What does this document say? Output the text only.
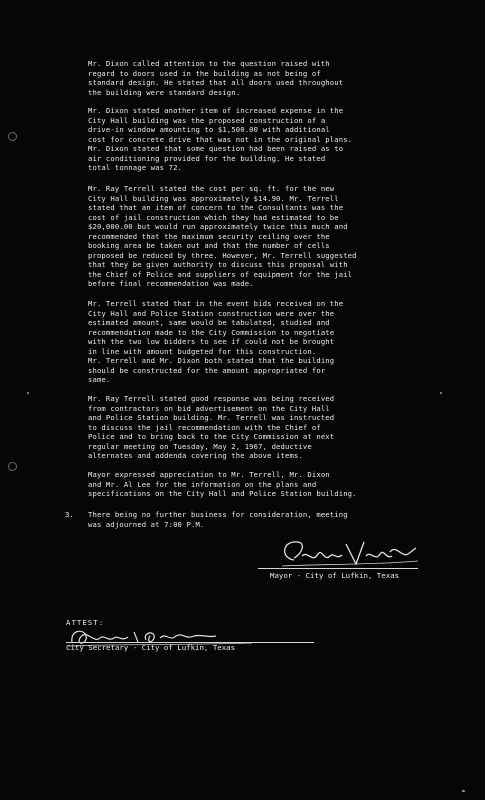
Mr. Dixon called attention to the question raised with
regard to doors used in the building as not being of
standard design. He stated that all doors used throughout
the building were standard design.
Mr. Dixon stated another item of increased expense in the
City Hall building was the proposed construction of a
drive-in window amounting to $1,500.00 with additional
cost for concrete drive that was not in the original plans.
Mr. Dixon stated that some question had been raised as to
air conditioning provided for the building. He stated
total tonnage was 72.
Mr. Ray Terrell stated the cost per sq. ft. for the new
City Hall building was approximately $14.90. Mr. Terrell
stated that an item of concern to the Consultants was the
cost of jail construction which they had estimated to be
$20,000.00 but would run approximately twice this much and
recommended that the maximum security ceiling over the
booking area be taken out and that the number of cells
proposed be reduced by three. However, Mr. Terrell suggested
that they be given authority to discuss this proposal with
the Chief of Police and suppliers of equipment for the jail
before final recommendation was made.
Mr. Terrell stated that in the event bids received on the
City Hall and Police Station construction were over the
estimated amount, same would be tabulated, studied and
recommendation made to the City Commission to negotiate
with the two low bidders to see if could not be brought
in line with amount budgeted for this construction.
Mr. Terrell and Mr. Dixon both stated that the building
should be constructed for the amount appropriated for
same.
Mr. Ray Terrell stated good response was being received
from contractors on bid advertisement on the City Hall
and Police Station building. Mr. Terrell was instructed
to discuss the jail recommendation with the Chief of
Police and to bring back to the City Commission at next
regular meeting on Tuesday, May 2, 1967, deductive
alternates and addenda covering the above items.
Mayor expressed appreciation to Mr. Terrell, Mr. Dixon
and Mr. Al Lee for the information on the plans and
specifications on the City Hall and Police Station building.
3. There being no further business for consideration, meeting
was adjourned at 7:00 P.M.
Mayor - City of Lufkin, Texas
ATTEST:
City Secretary - City of Lufkin, Texas
